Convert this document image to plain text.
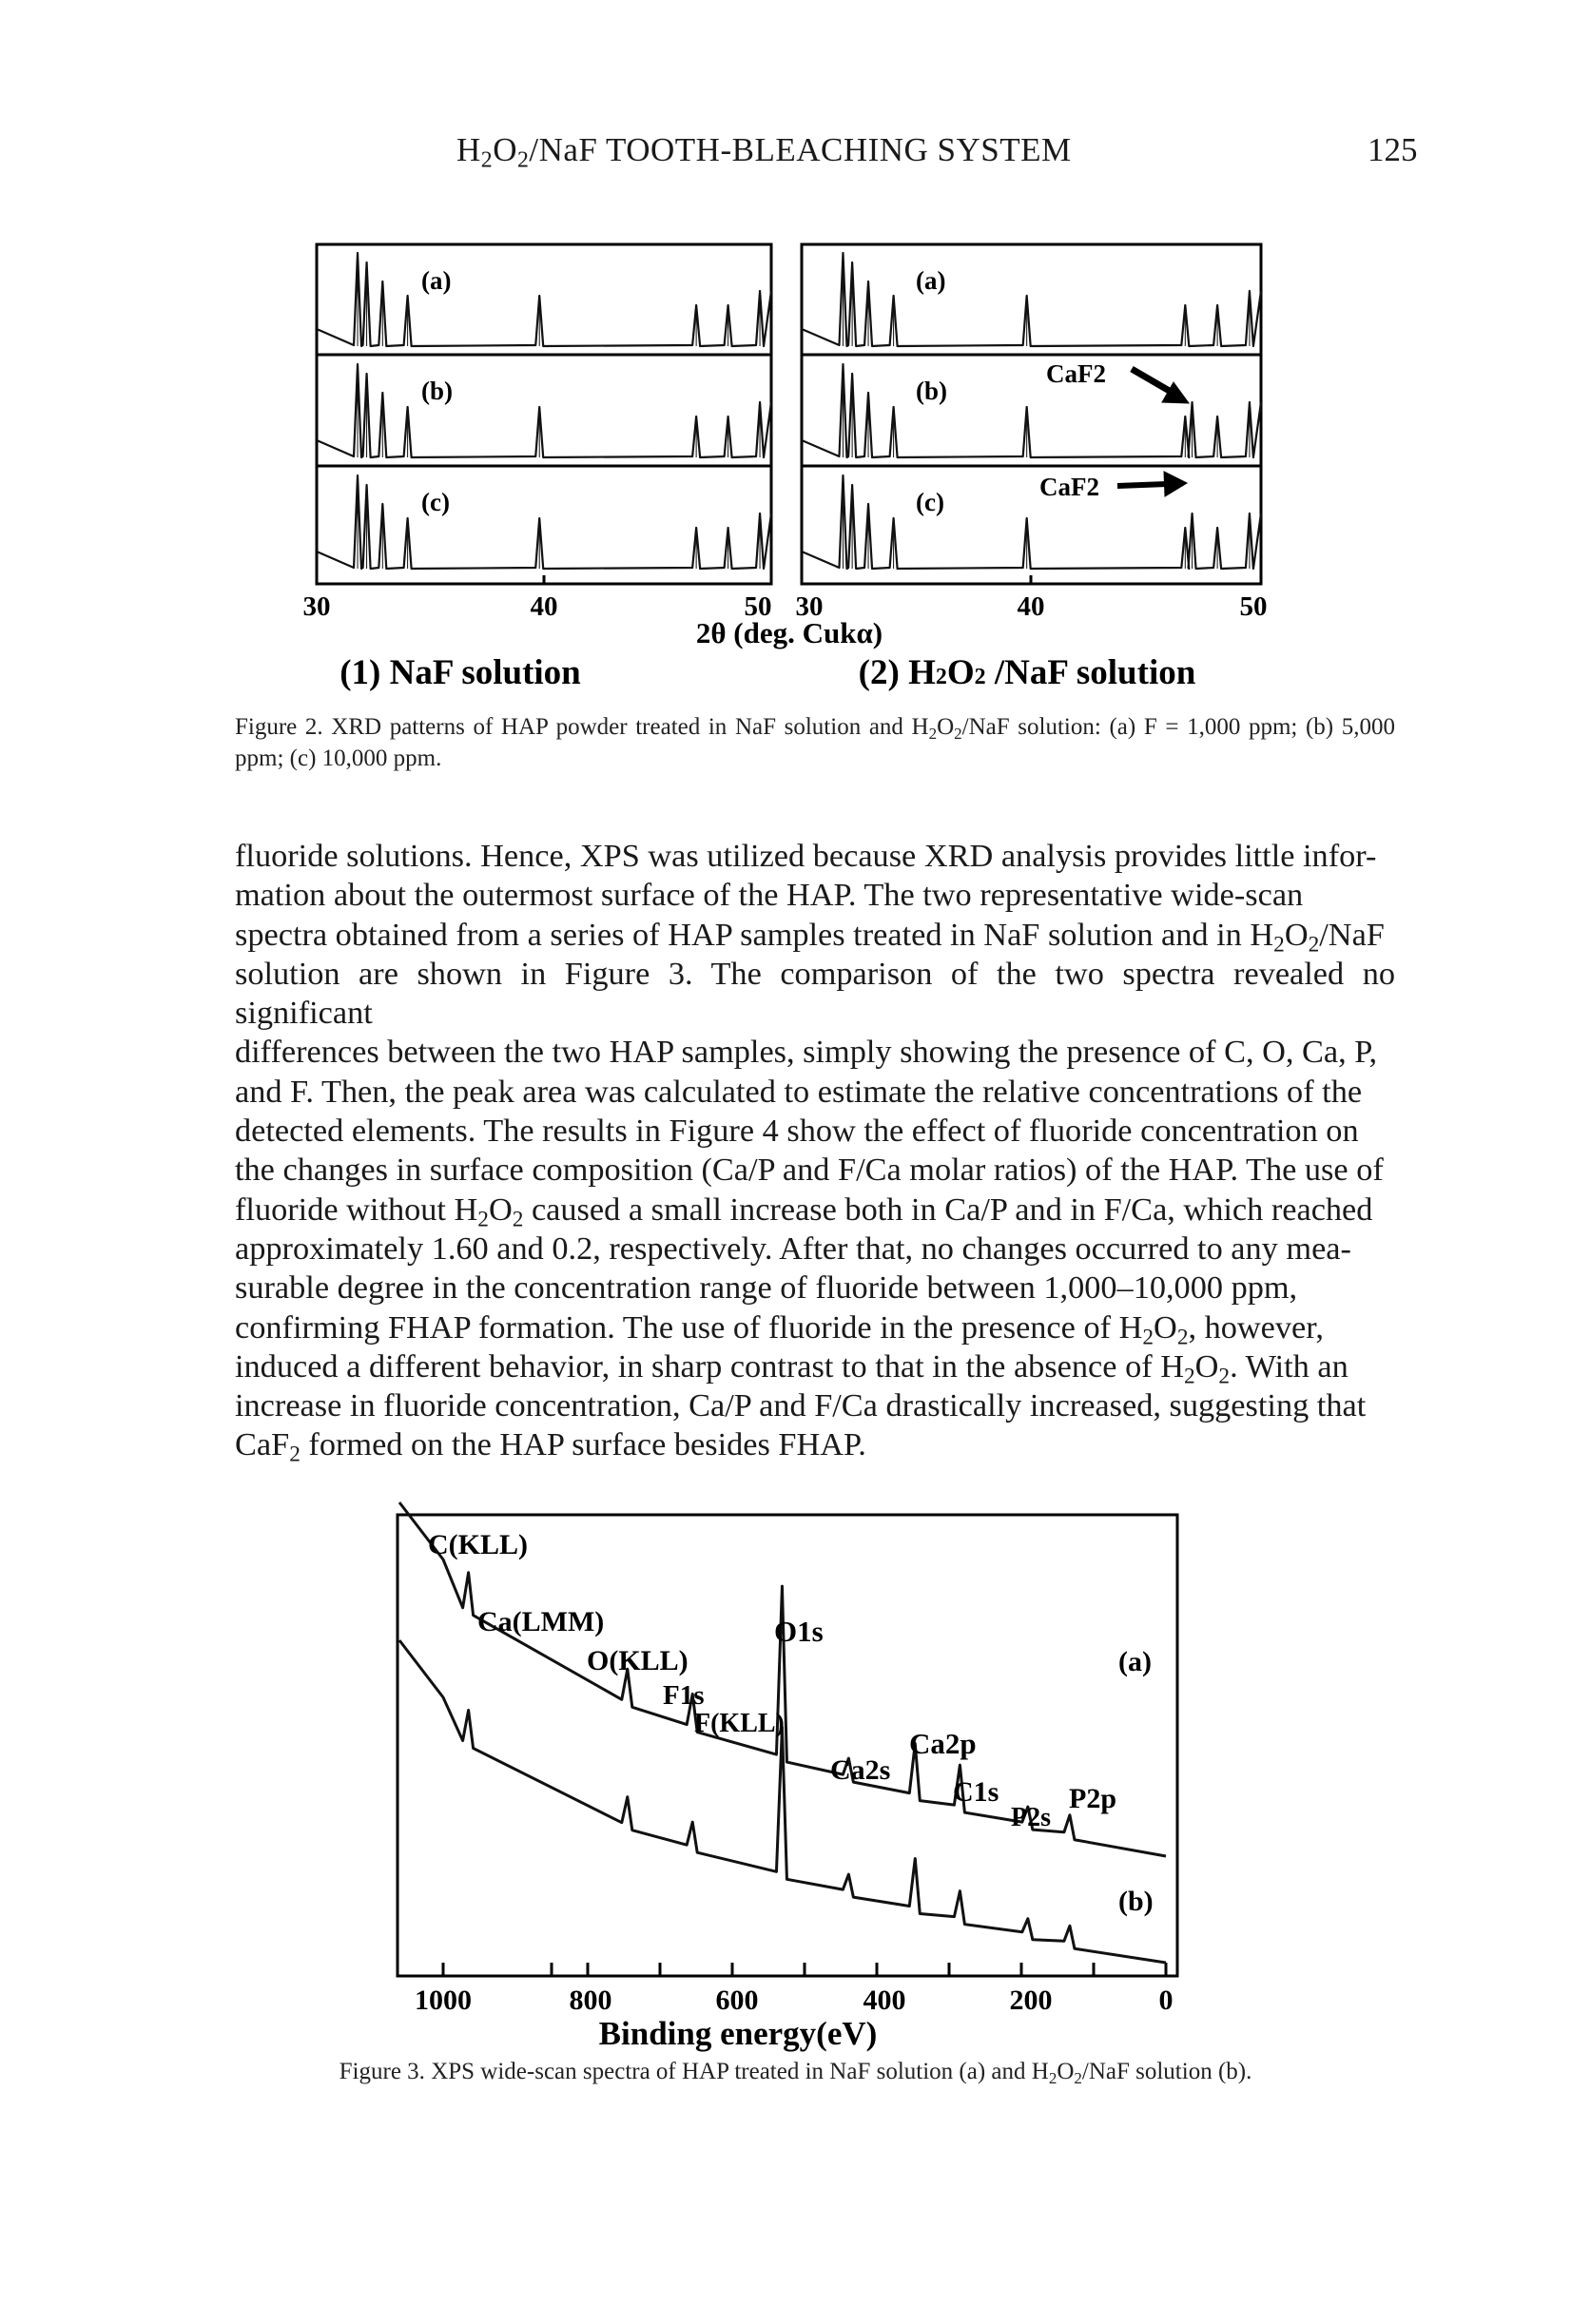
$H_2O_2$/NaF TOOTH-BLEACHING SYSTEM	125
(a)
(b)
(c)
(a)
(b)
(c)
CaF2
CaF2
30	40	50 30	40	50
2θ (deg. Cukα)
(1) NaF solution	(2) H2O2 /NaF solution
Figure 2. XRD patterns of HAP powder treated in NaF solution and $H_2O_2$/NaF solution: (a) F = 1,000 ppm; (b) 5,000 ppm; (c) 10,000 ppm.

fluoride solutions. Hence, XPS was utilized because XRD analysis provides little infor-

mation about the outermost surface of the HAP. The two representative wide-scan

spectra obtained from a series of HAP samples treated in NaF solution and in $H_2O_2$/NaF

solution are shown in Figure 3. The comparison of the two spectra revealed no significant

differences between the two HAP samples, simply showing the presence of C, O, Ca, P,

and F. Then, the peak area was calculated to estimate the relative concentrations of the

detected elements. The results in Figure 4 show the effect of fluoride concentration on

the changes in surface composition (Ca/P and F/Ca molar ratios) of the HAP. The use of

fluoride without $H_2O_2$ caused a small increase both in Ca/P and in F/Ca, which reached

approximately 1.60 and 0.2, respectively. After that, no changes occurred to any mea-

surable degree in the concentration range of fluoride between 1,000–10,000 ppm,

confirming FHAP formation. The use of fluoride in the presence of $H_2O_2$, however,

induced a different behavior, in sharp contrast to that in the absence of $H_2O_2$. With an

increase in fluoride concentration, Ca/P and F/Ca drastically increased, suggesting that

CaF$_2$ formed on the HAP surface besides FHAP.

C(KLL)
Ca(LMM)
O(KLL)
O1s
F1s
F(KLL)
Ca2p
Ca2s
C1s
P2s
P2p
(a)
(b)
1000	800	600	400	200	0
Binding energy(eV)
Figure 3. XPS wide-scan spectra of HAP treated in NaF solution (a) and $H_2O_2$/NaF solution (b).
